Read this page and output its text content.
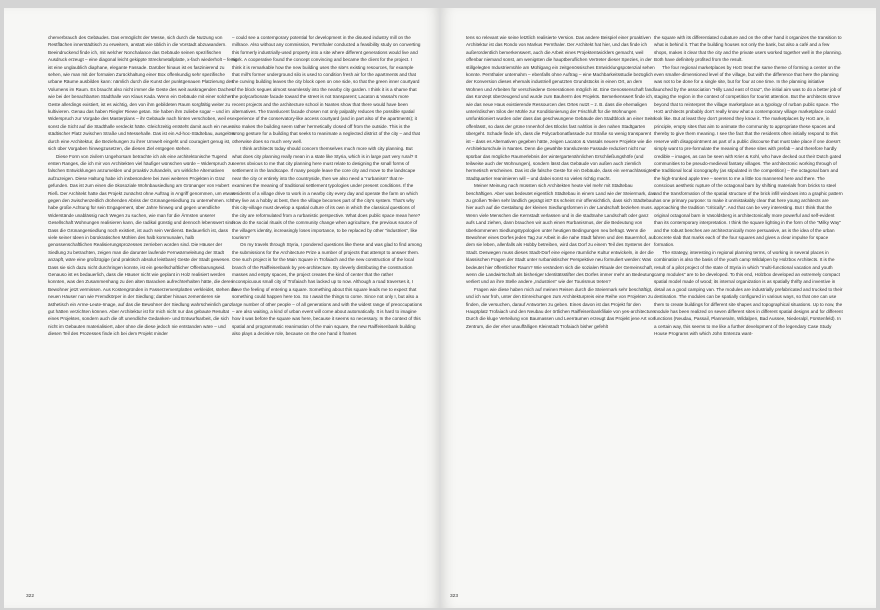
cherverbrauch des Gebäudes. Das ermöglicht der Messe, sich durch die Nutzung von Restflächen innerstädtisch zu erweitern, anstatt wie üblich in die Vorstadt abzuwandern. Beeindruckend finde ich, mit welcher Nonchalance das Gebäude seinen spezifischen Ausdruck erzeugt – eine diagonal leicht gekippte Streckmetallplatte, x-fach wiederholt – fertig ist eine unglaublich diaphane, elegante Fassade. Darüber hinaus ist es faszinierend zu sehen, wie man mit der formalen Zurückhaltung einer Box offenkundig sehr spezifische urbane Räume ausbilden kann: nämlich durch die Kunst der punktgenauen Platzierung des Volumens im Raum. Es braucht also nicht immer die Geste des weit auskragenden Daches wie bei der benachbarten Stadthalle von Klaus Kada. Wenn ein Gebäude mit einer solchen Geste allerdings existiert, ist es wichtig, den von ihm gebildeten Raum sorgfältig weiter zu kultivieren. Genau das haben Riegler Riewe getan. Sie haben ihm zuliebe sogar – und im Widerspruch zur Vorgabe des Masterplans – ihr Gebäude nach hinten verschoben, weil es sonst die Sicht auf die Stadthalle verdeckt hätte. Gleichzeitig entsteht damit auch ein neuer städtischer Platz zwischen Straße und Messehalle. Das ist ein Ad-hoc-Städtebau, ausgelöst durch eine Architektur, die Beziehungen zu ihrer Umwelt eingeht und couragiert genug ist, sich über Vorgaben hinwegzusetzen, die diesen Ziel entgegen stehen.

Diese Form von zivilem Ungehorsam betrachte ich als eine architektonische Tugend ersten Ranges, die ich mir von Architekten viel häufiger wünschen würde – Widerspruch zu falschen Entwicklungen anzumelden und proaktiv zuhandeln, um wirkliche Alternativen aufzuzeigen. Diese Haltung habe ich insbesondere bei zwei weiteren Projekten in Graz gefunden. Das ist zum einen die ökosoziale Wohnbausiedlung am Grünanger von Hubert Rieß. Der Architekt hatte das Projekt zunächst ohne Auftrag in Angriff genommen, um etwas gegen den zwischenzeitlich drohenden Abriss der Grünangersiedlung zu unternehmen. Ich habe große Achtung für sein Engagement, über Jahre hinweg und gegen unendliche Widerstände unablässig nach Wegen zu suchen, wie man für die Ärmsten unserer Gesellschaft Wohnungen realisieren kann, die radikal günstig und dennoch lebenswert sind. Dass die Grünangersiedlung noch existiert, ist auch sein Verdienst. Bedauerlich ist, dass viele seiner Ideen in bürokratischen Mühlen des halb kommunalen, halb genossenschaftlichen Realisierungsprozesses zerrieben worden sind. Die Häuser der Siedlung zu betrachten, zeigen man die darunter laufende Fernwärmeleitung der Stadt anzapft, wäre eine großzügige (und praktisch absolut leistbare) Geste der Stadt gewesen. Dass sie sich dazu nicht durchringen konnte, ist ein gesellschaftlicher Offenbarungseid. Genauso ist es bedauerlich, dass die Häuser nicht wie geplant in Holz realisiert werden konnten, was den Zusammenhang zu den alten Baracken aufrechterhalten hätte, die deren Bewohner jetzt vermissen. Aus Kostengründen in Fasserzementplatten verkleidet, stehen die neuen Häuser nun wie Fremdkörper in der Siedlung; darüber hinaus zementieren sie ästhetisch ein Arme-Leute-Image, auf das die Bewohner der Siedlung wahrscheinlich ganz gut hätten verzichten können. Aber Architektur ist für mich nicht nur das gebaute Resultat eines Projektes, sondern auch die oft unendliche Gedanken- und Entwurfsarbeit, die sich nicht im Gebauten materialisiert, aber ohne die diese jedoch nie entstanden wäre – und diesen Teil des Prozesses finde ich bei dem Projekt minder

– could see a contemporary potential for development in the disused industry mill on the millrace. Also without any commission, Pernthaler conducted a feasibility study on converting this formerly industrially-used property into a site where different generations would live and work. A cooperative found the concept convincing and became the client for the project. I think it is remarkable how the new building uses the site's existing resources, for example that mill's former underground silo is used to condition fresh air for the apartments and that the curving building leaves the city block open on one side, so that the green inner courtyard of the block segues almost seamlessly into the nearby city garden. I think it is a shame that the polycarbonate facade toward the street is not transparent; Lacaton & Vassal's more recent projects and the architecture school in Nantes show that there would have been alternatives. The translucent facade chosen not only palpably reduces the possible spatial experience of the conservatory-like access courtyard (and in part also of the apartments); it also makes the building seem rather hermetically closed off from the outside. This is the wrong gesture for a building that seeks to reanimate a neglected district of the city – and that otherwise does so much very well.

I think architects today should concern themselves much more with city planning. But what does city planning really mean in a state like Styria, which is in large part very rural? It seems obvious to me that city planning here must relate to designing the small forms of settlement in the landscape. If many people leave the core city and move to the landscape near the city or entirely into the countryside, then we also need a "rurbanism" that re-examines the meaning of traditional settlement typologies under present conditions. If the residents of a village drive to work in a nearby city every day and operate the farm on which they live as a hobby at best, then the village becomes part of the city's system. That's why this city-village must develop a spatial culture of its own in which the classical questions of the city are reformulated from a rurbanistic perspective. What does public space mean here? How do the social rituals of the community change when agriculture, the previous source of the village's identity, increasingly loses importance, to be replaced by other "industries", like tourism?

On my travels through Styria, I pondered questions like these and was glad to find among the submissions for the Architecture Prize a number of projects that attempt to answer them. One such project is for the Main Square in Trofaiach and the new construction of the local branch of the Raiffeisenbank by yes-architecture. By cleverly distributing the construction masses and empty spaces, the project creates the kind of center that the rather inconspicuous small city of Trofaiach has lacked up to now. Although a road traverses it, I have the feeling of entering a square. Something about this square leads me to expect that something could happen here too. So I await the things to come. Since not only I, but also a large number of other people – of all generations and with the widest range of preoccupations – are also waiting, a kind of urban event will come about automatically. It is hard to imagine how it was before the square was here, because it seems so necessary. In the context of this spatial and programmatic reanimation of the main square, the new Raiffeisenbank building also plays a decisive role, because on the one hand it frames

322

tens so relevant wie seine letztlich realisierte Version. Das andere Beispiel einer proaktiven Architektur ist das Rondo von Markus Pernthaler. Der Architekt hat hier, und das finde ich außerordentlich bemerkenswert, auch die Arbeit eines Projektentwicklers gemacht, weil offenbar niemand sonst, am wenigsten die hauptberuflichen Vertreter dieser Spezies, in der stillgelegten Industriemühle am Mühlgang ein zeitgenössisches Entwicklungspotenzial sehen konnte. Pernthaler unternahm – ebenfalls ohne Auftrag – eine Machbarkeitsstudie bezüglich der Konversion dieses ehemals industriell genutzten Grundstücks in einen Ort, an dem Wohnen und Arbeiten für verschiedene Generationen möglich ist. Eine Genossenschaft fand das Konzept überzeugend und wurde zum Bauherrn des Projekts. Bemerkenswert finde ich, wie das neue Haus existierende Ressourcen des Ortes nutzt – z. B. dass die ehemaligen unterirdischen Silos der Mühle zur Konditionierung der Frischluft für die Wohnungen umfunktioniert wurden oder dass das geschwungene Gebäude den Stadtblock an einer Seite offenlässt, so dass der grüne Innenhof des Blocks fast nahtlos in den nahen Stadtgarten übergeht. Schade finde ich, dass die Polycarbonatfassade zur Straße so wenig transparent ist – dass es Alternativen gegeben hätte, zeigen Lacaton & Vassals neuere Projekte wie die Architekturschule in Nantes. Denn die gewählte transluzente Fassade reduziert nicht nur spürbar das mögliche Raumerlebnis der wintergartenähnlichen Erschließungshöfe (und teilweise auch der Wohnungen), sondern lässt das Gebäude von außen auch ziemlich hermetisch erscheinen. Das ist die falsche Geste für ein Gebäude, dass ein vernachlässigtes Stadtquartier reanimieren will – und dabei sonst so vieles richtig macht.

Meiner Meinung nach müssten sich Architekten heute viel mehr mit Städtebau beschäftigen. Aber was bedeutet eigentlich Städtebau in einem Land wie der Steiermark, das zu großen Teilen sehr ländlich geprägt ist? Es scheint mir offensichtlich, dass sich Städtebau hier auch auf die Gestaltung der kleinen Siedlungsformen in der Landschaft beziehen muss. Wenn viele Menschen die Kernstadt verlassen und in die stadtnahe Landschaft oder ganz aufs Land ziehen, dann brauchen wir auch einen Rurbanismus, der die Bedeutung von überkommenen Siedlungstypologien unter heutigen Bedingungen neu befragt. Wenn die Bewohner eines Dorfes jeden Tag zur Arbeit in die nahe Stadt fahren und den Bauernhof, auf dem sie leben, allenfalls als Hobby betreiben, wird das Dorf zu einem Teil des Systems der Stadt. Deswegen muss dieses Stadt-Dorf eine eigene räumliche Kultur entwickeln, in der die klassischen Fragen der Stadt unter rurbanistischer Perspektive neu formuliert werden: Was bedeutet hier öffentlicher Raum? Wie verändern sich die sozialen Rituale der Gemeinschaft, wenn die Landwirtschaft als bisheriger Identitätsstifter des Dorfes immer mehr an Bedeutung verliert und an ihre Stelle andere „Industrien" wie der Tourismus treten?

Fragen wie diese haben mich auf meinen Reisen durch die Steiermark sehr beschäftigt, und ich war froh, unter den Einreichungen zum Architekturpreis eine Reihe von Projekten zu finden, die versuchen, darauf Antworten zu geben. Eines davon ist das Projekt für den Hauptplatz Trofaiach und den Neubau der örtlichen Raiffeisenbankfiliale von yes-architecture. Durch die kluge Verteilung von Baumassen und Leerräumen erzeugt das Projekt jene Art von Zentrum, die der eher unauffälligen Kleinstadt Trofaiach bisher gefehlt

the square with its differentiated cubature and on the other hand it organizes the transition to what is behind it. That the building houses not only the bank, but also a café and a few shops, makes it clear that the city and the private users worked together well in the planning. Both have definitely profited from the result.

The four regional marketplaces by HoG treat the same theme of forming a center on the even smaller-dimensioned level of the village, but with the difference that here the planning was not to be done for a single site, but for four at one time. In the planning initiative launched by the association "Hilly Land east of Graz", the initial aim was to do a better job of staging the region in the context of competition for tourist attention. But the architects strove beyond that to reinterpret the village marketplace as a typology of rurban public space. The HoG architects probably don't really know what a contemporary village marketplace could look like. But at least they don't pretend they know it. The marketplaces by HoG are, in principle, empty sites that aim to animate the community to appropriate these spaces and thereby to give them meaning. I see the fact that the residents often initially respond to this reserve with disappointment as part of a public discourse that must take place if one doesn't simply want to pre-formulate the meaning of these sites with prefab – and therefore hardly credible – images, as can be seen with Krier & Kohl, who have decked out their Dutch gated communities to be pseudo-medieval fantasy villages. The architectonic working through of the traditional local iconography (as stipulated in the competition) – the octagonal barn and the high-trunked apple tree – seems to me a little too mannered here and there. The conscious aesthetic rupture of the octagonal barn by shifting materials from bricks to steel and the transformation of the spatial structure of the brick infill windows into a graphic pattern has one primary purpose: to make it unmistakably clear that here young architects are approaching the tradition "critically". And that can be very interesting. But I think that the original octagonal barn in Vasoldsberg is architectonically more powerful and self-evident than its contemporary interpretation. I think the square lighting in the form of the "Milky Way" and the robust benches are architectonically more persuasive, as is the idea of the urban concrete slab that marks each of the four squares and gives a clear impulse for space formation.

The strategy, interesting in regional planning terms, of working in several places in combination is also the basis of the youth camp Wildalpen by Holzbox Architects. It is the result of a pilot project of the state of Styria in which "multi-functional vacation and youth camp modules" are to be developed. To this end, Holzbox developed an extremely compact spatial model made of wood; its internal organization is as spatially thrifty and inventive in detail as a good camping van. The modules are industrially prefabricated and trucked to their destination. The modules can be spatially configured in various ways, so that one can use them to create buildings for different site shapes and topographical situations. Up to now, the module has been realized on seven different sites in different spatial designs and for different functions (Neudau, Passail, Planneralm, Wildalpen, Bad Aussee, Niederalpl, Fürstenfeld). In a certain way, this seems to me like a further development of the legendary Case Study House Programs with which John Entenza want-

323
